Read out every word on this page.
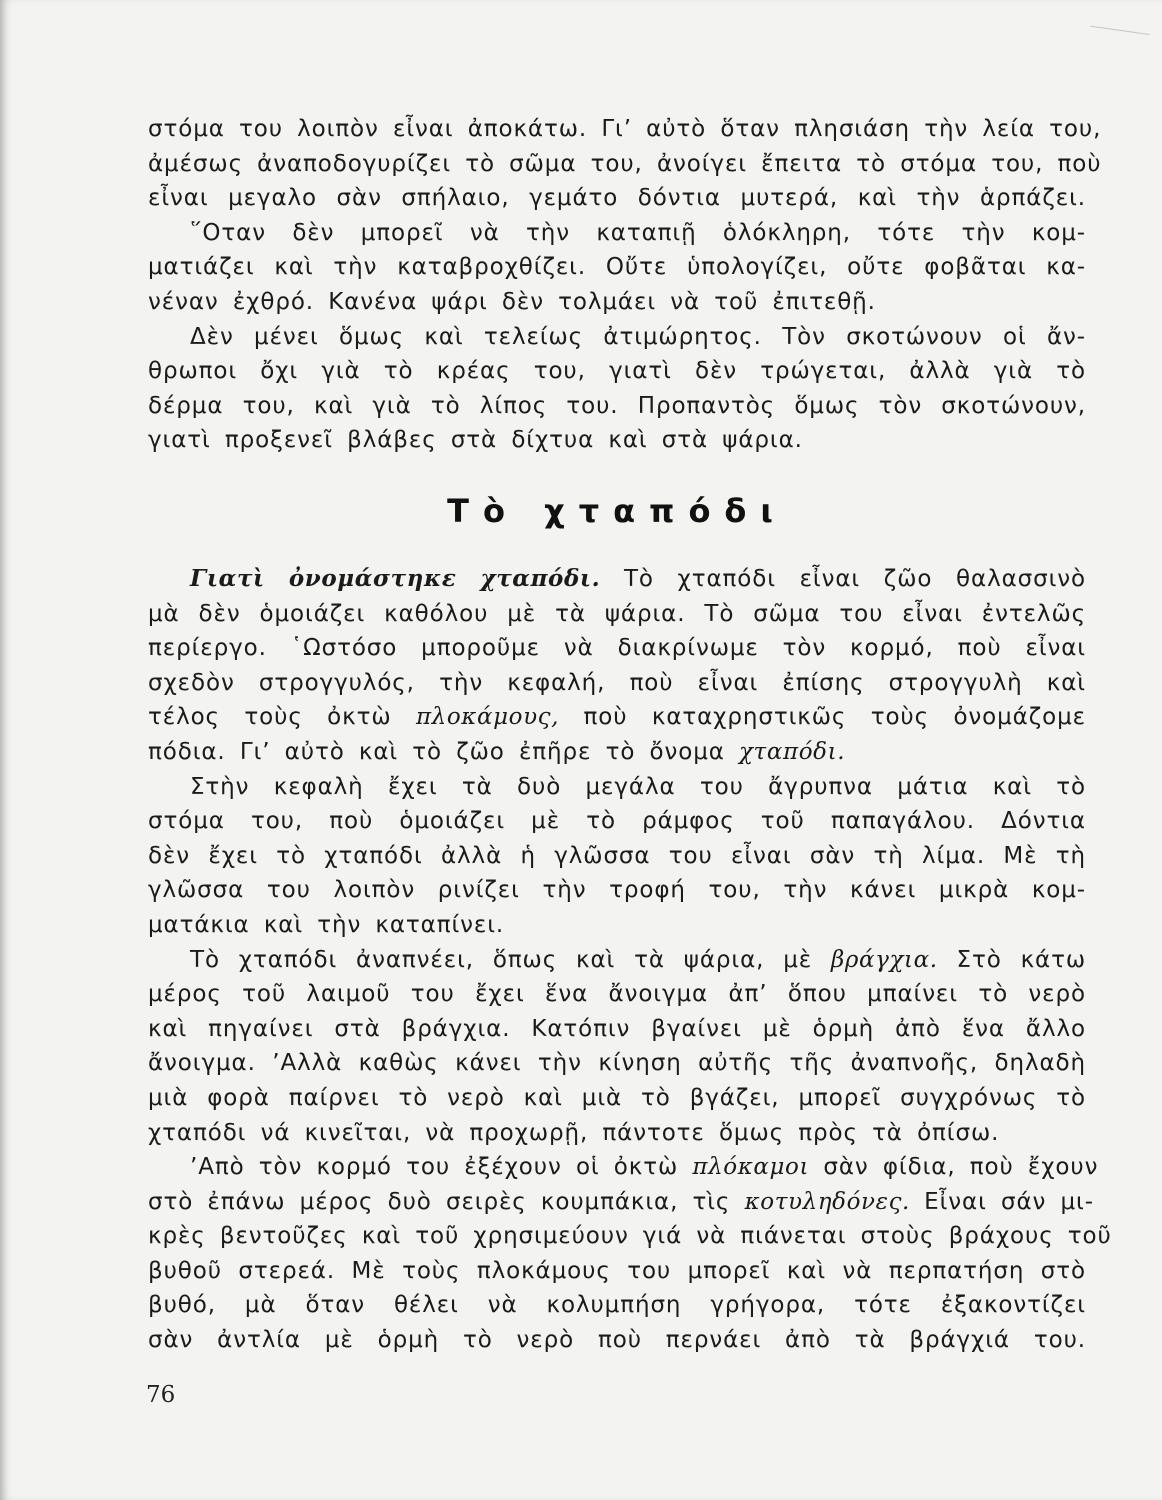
στόμα του λοιπὸν εἶναι ἀποκάτω. Γι’ αὐτὸ ὅταν πλησιάση τὴν λεία του,
ἀμέσως ἀναποδογυρίζει τὸ σῶμα του, ἀνοίγει ἔπειτα τὸ στόμα του, ποὺ
εἶναι μεγαλο σὰν σπήλαιο, γεμάτο δόντια μυτερά, καὶ τὴν ἁρπάζει.
῞Οταν δὲν μπορεῖ νὰ τὴν καταπιῇ ὁλόκληρη, τότε τὴν κομ-
ματιάζει καὶ τὴν καταβροχθίζει. Οὔτε ὑπολογίζει, οὔτε φοβᾶται κα-
νέναν ἐχθρό. Κανένα ψάρι δὲν τολμάει νὰ τοῦ ἐπιτεθῇ.
Δὲν μένει ὅμως καὶ τελείως ἀτιμώρητος. Τὸν σκοτώνουν οἱ ἄν-
θρωποι ὄχι γιὰ τὸ κρέας του, γιατὶ δὲν τρώγεται, ἀλλὰ γιὰ τὸ
δέρμα του, καὶ γιὰ τὸ λίπος του. Προπαντὸς ὅμως τὸν σκοτώνουν,
γιατὶ προξενεῖ βλάβες στὰ δίχτυα καὶ στὰ ψάρια.
Τὸ χταπόδι
Γιατὶ ὀνομάστηκε χταπόδι. Τὸ χταπόδι εἶναι ζῶο θαλασσινὸ
μὰ δὲν ὁμοιάζει καθόλου μὲ τὰ ψάρια. Τὸ σῶμα του εἶναι ἐντελῶς
περίεργο. ῾Ωστόσο μποροῦμε νὰ διακρίνωμε τὸν κορμό, ποὺ εἶναι
σχεδὸν στρογγυλός, τὴν κεφαλή, ποὺ εἶναι ἐπίσης στρογγυλὴ καὶ
τέλος τοὺς ὀκτὼ πλοκάμους, ποὺ καταχρηστικῶς τοὺς ὀνομάζομε
πόδια. Γι’ αὐτὸ καὶ τὸ ζῶο ἐπῆρε τὸ ὄνομα χταπόδι.
Στὴν κεφαλὴ ἔχει τὰ δυὸ μεγάλα του ἄγρυπνα μάτια καὶ τὸ
στόμα του, ποὺ ὁμοιάζει μὲ τὸ ράμφος τοῦ παπαγάλου. Δόντια
δὲν ἔχει τὸ χταπόδι ἀλλὰ ἡ γλῶσσα του εἶναι σὰν τὴ λίμα. Μὲ τὴ
γλῶσσα του λοιπὸν ρινίζει τὴν τροφή του, τὴν κάνει μικρὰ κομ-
ματάκια καὶ τὴν καταπίνει.
Τὸ χταπόδι ἀναπνέει, ὅπως καὶ τὰ ψάρια, μὲ βράγχια. Στὸ κάτω
μέρος τοῦ λαιμοῦ του ἔχει ἕνα ἄνοιγμα ἀπ’ ὅπου μπαίνει τὸ νερὸ
καὶ πηγαίνει στὰ βράγχια. Κατόπιν βγαίνει μὲ ὁρμὴ ἀπὸ ἕνα ἄλλο
ἄνοιγμα. ’Αλλὰ καθὼς κάνει τὴν κίνηση αὐτῆς τῆς ἀναπνοῆς, δηλαδὴ
μιὰ φορὰ παίρνει τὸ νερὸ καὶ μιὰ τὸ βγάζει, μπορεῖ συγχρόνως τὸ
χταπόδι νά κινεῖται, νὰ προχωρῇ, πάντοτε ὅμως πρὸς τὰ ὀπίσω.
’Απὸ τὸν κορμό του ἐξέχουν οἱ ὀκτὼ πλόκαμοι σὰν φίδια, ποὺ ἔχουν
στὸ ἐπάνω μέρος δυὸ σειρὲς κουμπάκια, τὶς κοτυληδόνες. Εἶναι σάν μι-
κρὲς βεντοῦζες καὶ τοῦ χρησιμεύουν γιά νὰ πιάνεται στοὺς βράχους τοῦ
βυθοῦ στερεά. Μὲ τοὺς πλοκάμους του μπορεῖ καὶ νὰ περπατήση στὸ
βυθό, μὰ ὅταν θέλει νὰ κολυμπήση γρήγορα, τότε ἐξακοντίζει
σὰν ἀντλία μὲ ὁρμὴ τὸ νερὸ ποὺ περνάει ἀπὸ τὰ βράγχιά του.
76
